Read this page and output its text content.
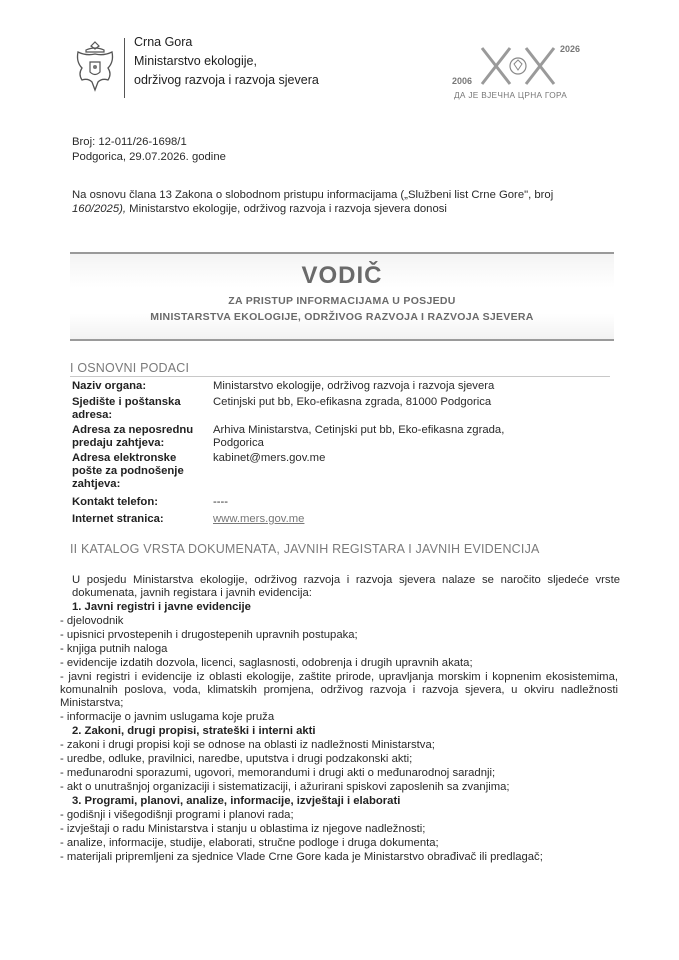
Crna Gora
Ministarstvo ekologije,
održivog razvoja i razvoja sjevera	2006
2026
ДА ЈЕ ВЈЕЧНА ЦРНА ГОРА
Broj: 12-011/26-1698/1
Podgorica, 29.07.2026. godine
Na osnovu člana 13 Zakona o slobodnom pristupu informacijama („Službeni list Crne Gore", broj
160/2025), Ministarstvo ekologije, održivog razvoja i razvoja sjevera donosi
VODIČ
ZA PRISTUP INFORMACIJAMA U POSJEDU
MINISTARSTVA EKOLOGIJE, ODRŽIVOG RAZVOJA I RAZVOJA SJEVERA
I OSNOVNI PODACI
Naziv organa:	Ministarstvo ekologije, održivog razvoja i razvoja sjevera
Sjedište i poštanska adresa:
Cetinjski put bb, Eko-efikasna zgrada, 81000 Podgorica
Adresa za neposrednu predaju zahtjeva:
Arhiva Ministarstva, Cetinjski put bb, Eko-efikasna zgrada, Podgorica
Adresa elektronske pošte za podnošenje zahtjeva:
kabinet@mers.gov.me
Kontakt telefon:	----
Internet stranica:	www.mers.gov.me
II KATALOG VRSTA DOKUMENATA, JAVNIH REGISTARA I JAVNIH EVIDENCIJA
U posjedu Ministarstva ekologije, održivog razvoja i razvoja sjevera nalaze se naročito sljedeće vrste dokumenata, javnih registara i javnih evidencija:
1. Javni registri i javne evidencije
- djelovodnik
- upisnici prvostepenih i drugostepenih upravnih postupaka;
- knjiga putnih naloga
- evidencije izdatih dozvola, licenci, saglasnosti, odobrenja i drugih upravnih akata;
- javni registri i evidencije iz oblasti ekologije, zaštite prirode, upravljanja morskim i kopnenim ekosistemima, komunalnih poslova, voda, klimatskih promjena, održivog razvoja i razvoja sjevera, u okviru nadležnosti Ministarstva;
- informacije o javnim uslugama koje pruža
2. Zakoni, drugi propisi, strateški i interni akti
- zakoni i drugi propisi koji se odnose na oblasti iz nadležnosti Ministarstva;
- uredbe, odluke, pravilnici, naredbe, uputstva i drugi podzakonski akti;
- međunarodni sporazumi, ugovori, memorandumi i drugi akti o međunarodnoj saradnji;
- akt o unutrašnjoj organizaciji i sistematizaciji, i ažurirani spiskovi zaposlenih sa zvanjima;
3. Programi, planovi, analize, informacije, izvještaji i elaborati
- godišnji i višegodišnji programi i planovi rada;
- izvještaji o radu Ministarstva i stanju u oblastima iz njegove nadležnosti;
- analize, informacije, studije, elaborati, stručne podloge i druga dokumenta;
- materijali pripremljeni za sjednice Vlade Crne Gore kada je Ministarstvo obrađivač ili predlagač;
